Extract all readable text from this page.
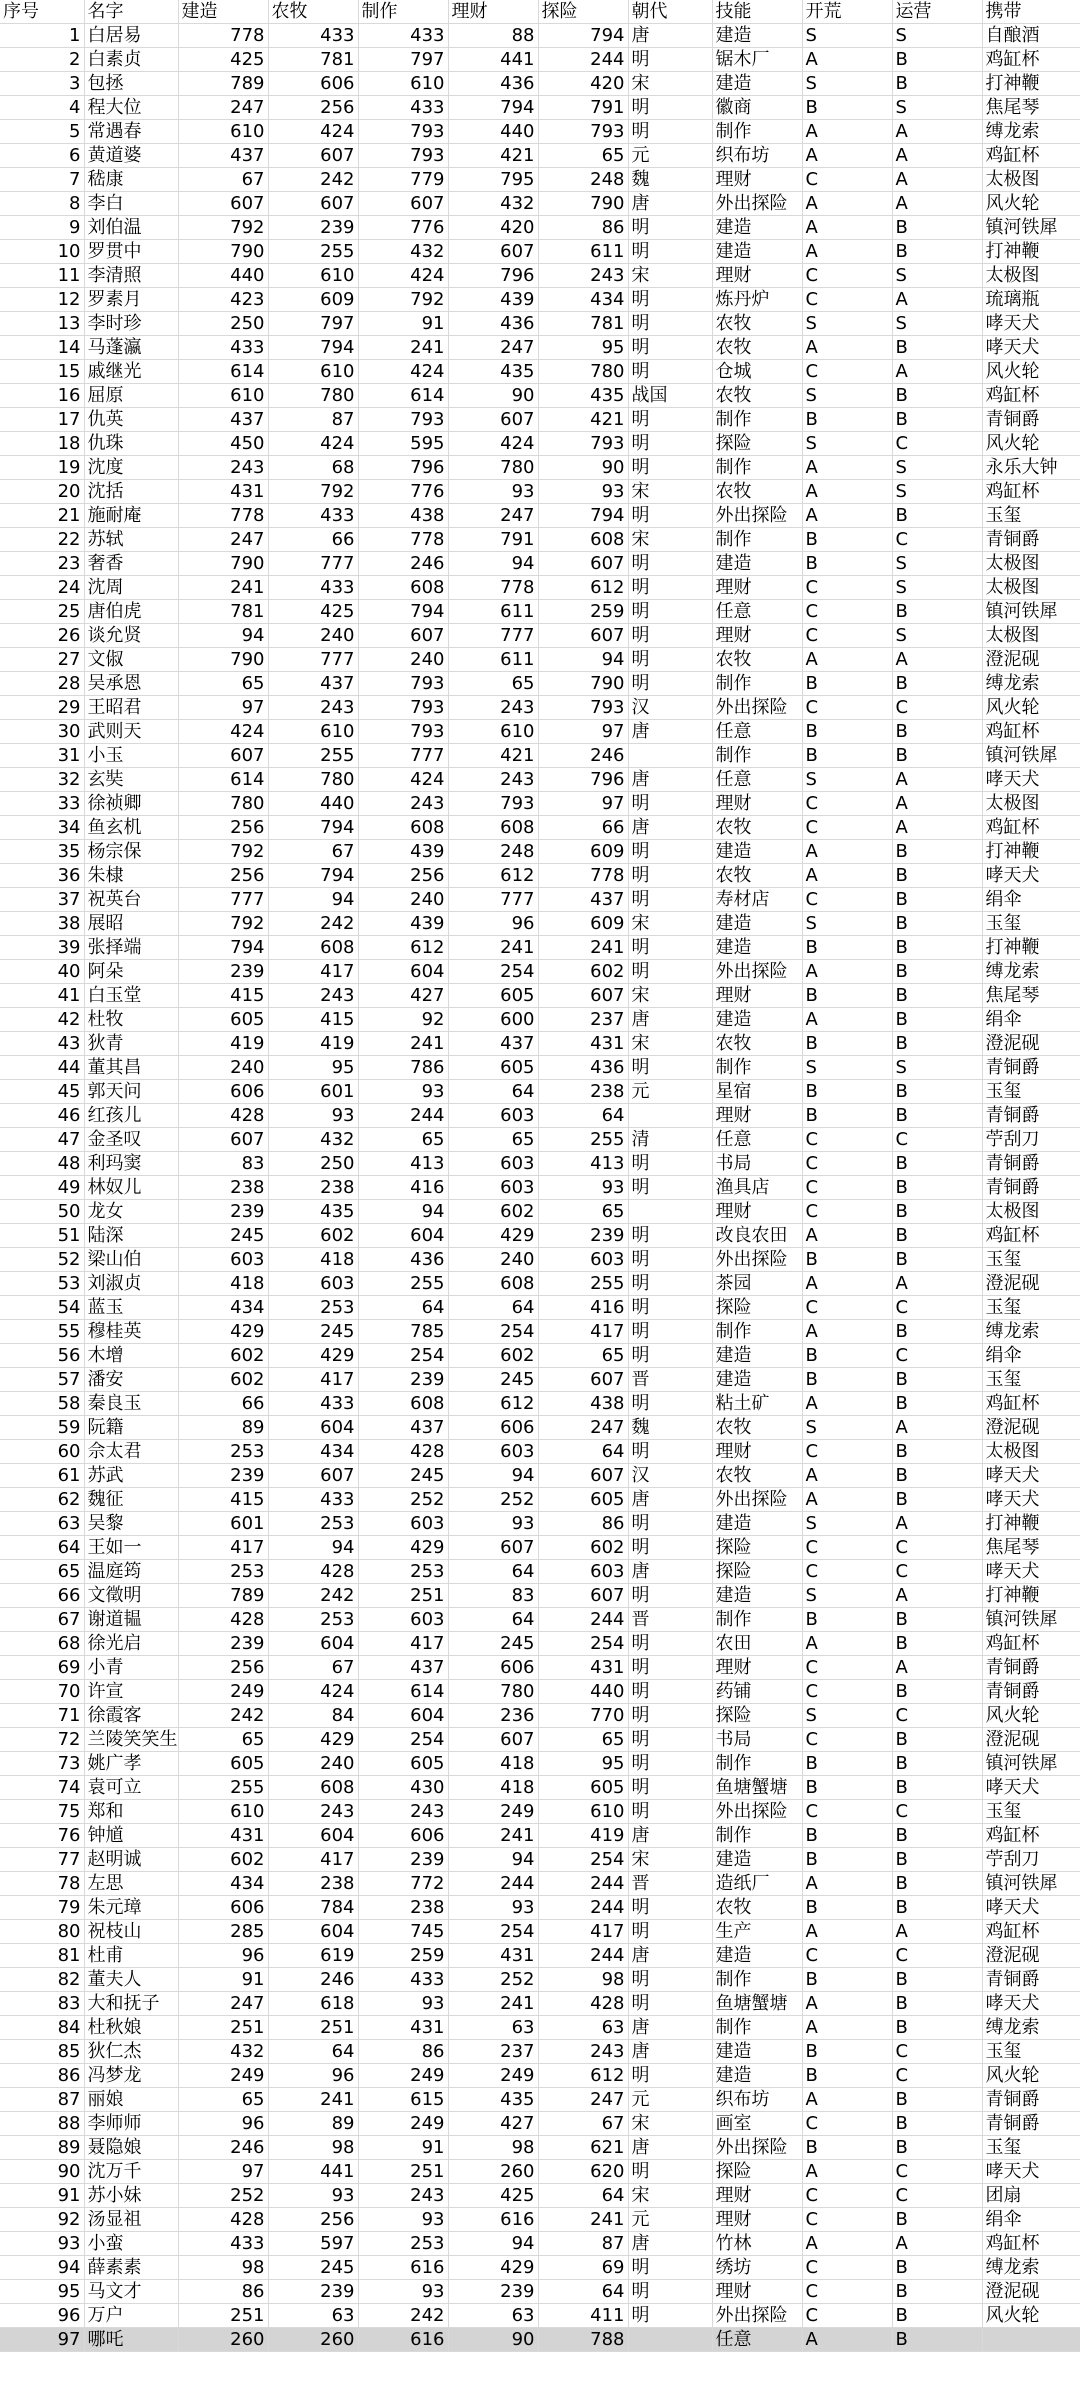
序号	名字	建造	农牧	制作	理财	探险	朝代	技能	开荒	运营	携带
1	白居易	778	433	433	88	794	唐	建造	S	S	自酿酒
2	白素贞	425	781	797	441	244	明	锯木厂	A	B	鸡缸杯
3	包拯	789	606	610	436	420	宋	建造	S	B	打神鞭
4	程大位	247	256	433	794	791	明	徽商	B	S	焦尾琴
5	常遇春	610	424	793	440	793	明	制作	A	A	缚龙索
6	黄道婆	437	607	793	421	65	元	织布坊	A	A	鸡缸杯
7	嵇康	67	242	779	795	248	魏	理财	C	A	太极图
8	李白	607	607	607	432	790	唐	外出探险	A	A	风火轮
9	刘伯温	792	239	776	420	86	明	建造	A	B	镇河铁犀
10	罗贯中	790	255	432	607	611	明	建造	A	B	打神鞭
11	李清照	440	610	424	796	243	宋	理财	C	S	太极图
12	罗素月	423	609	792	439	434	明	炼丹炉	C	A	琉璃瓶
13	李时珍	250	797	91	436	781	明	农牧	S	S	哮天犬
14	马蓬瀛	433	794	241	247	95	明	农牧	A	B	哮天犬
15	戚继光	614	610	424	435	780	明	仓城	C	A	风火轮
16	屈原	610	780	614	90	435	战国	农牧	S	B	鸡缸杯
17	仇英	437	87	793	607	421	明	制作	B	B	青铜爵
18	仇珠	450	424	595	424	793	明	探险	S	C	风火轮
19	沈度	243	68	796	780	90	明	制作	A	S	永乐大钟
20	沈括	431	792	776	93	93	宋	农牧	A	S	鸡缸杯
21	施耐庵	778	433	438	247	794	明	外出探险	A	B	玉玺
22	苏轼	247	66	778	791	608	宋	制作	B	C	青铜爵
23	奢香	790	777	246	94	607	明	建造	B	S	太极图
24	沈周	241	433	608	778	612	明	理财	C	S	太极图
25	唐伯虎	781	425	794	611	259	明	任意	C	B	镇河铁犀
26	谈允贤	94	240	607	777	607	明	理财	C	S	太极图
27	文俶	790	777	240	611	94	明	农牧	A	A	澄泥砚
28	吴承恩	65	437	793	65	790	明	制作	B	B	缚龙索
29	王昭君	97	243	793	243	793	汉	外出探险	C	C	风火轮
30	武则天	424	610	793	610	97	唐	任意	B	B	鸡缸杯
31	小玉	607	255	777	421	246		制作	B	B	镇河铁犀
32	玄奘	614	780	424	243	796	唐	任意	S	A	哮天犬
33	徐祯卿	780	440	243	793	97	明	理财	C	A	太极图
34	鱼玄机	256	794	608	608	66	唐	农牧	C	A	鸡缸杯
35	杨宗保	792	67	439	248	609	明	建造	A	B	打神鞭
36	朱棣	256	794	256	612	778	明	农牧	A	B	哮天犬
37	祝英台	777	94	240	777	437	明	寿材店	C	B	绢伞
38	展昭	792	242	439	96	609	宋	建造	S	B	玉玺
39	张择端	794	608	612	241	241	明	建造	B	B	打神鞭
40	阿朵	239	417	604	254	602	明	外出探险	A	B	缚龙索
41	白玉堂	415	243	427	605	607	宋	理财	B	B	焦尾琴
42	杜牧	605	415	92	600	237	唐	建造	A	B	绢伞
43	狄青	419	419	241	437	431	宋	农牧	B	B	澄泥砚
44	董其昌	240	95	786	605	436	明	制作	S	S	青铜爵
45	郭天问	606	601	93	64	238	元	星宿	B	B	玉玺
46	红孩儿	428	93	244	603	64		理财	B	B	青铜爵
47	金圣叹	607	432	65	65	255	清	任意	C	C	苧刮刀
48	利玛窦	83	250	413	603	413	明	书局	C	B	青铜爵
49	林奴儿	238	238	416	603	93	明	渔具店	C	B	青铜爵
50	龙女	239	435	94	602	65		理财	C	B	太极图
51	陆深	245	602	604	429	239	明	改良农田	A	B	鸡缸杯
52	梁山伯	603	418	436	240	603	明	外出探险	B	B	玉玺
53	刘淑贞	418	603	255	608	255	明	茶园	A	A	澄泥砚
54	蓝玉	434	253	64	64	416	明	探险	C	C	玉玺
55	穆桂英	429	245	785	254	417	明	制作	A	B	缚龙索
56	木增	602	429	254	602	65	明	建造	B	C	绢伞
57	潘安	602	417	239	245	607	晋	建造	B	B	玉玺
58	秦良玉	66	433	608	612	438	明	粘土矿	A	B	鸡缸杯
59	阮籍	89	604	437	606	247	魏	农牧	S	A	澄泥砚
60	佘太君	253	434	428	603	64	明	理财	C	B	太极图
61	苏武	239	607	245	94	607	汉	农牧	A	B	哮天犬
62	魏征	415	433	252	252	605	唐	外出探险	A	B	哮天犬
63	吴黎	601	253	603	93	86	明	建造	S	A	打神鞭
64	王如一	417	94	429	607	602	明	探险	C	C	焦尾琴
65	温庭筠	253	428	253	64	603	唐	探险	C	C	哮天犬
66	文徵明	789	242	251	83	607	明	建造	S	A	打神鞭
67	谢道韫	428	253	603	64	244	晋	制作	B	B	镇河铁犀
68	徐光启	239	604	417	245	254	明	农田	A	B	鸡缸杯
69	小青	256	67	437	606	431	明	理财	C	A	青铜爵
70	许宣	249	424	614	780	440	明	药铺	C	B	青铜爵
71	徐霞客	242	84	604	236	770	明	探险	S	C	风火轮
72	兰陵笑笑生	65	429	254	607	65	明	书局	C	B	澄泥砚
73	姚广孝	605	240	605	418	95	明	制作	B	B	镇河铁犀
74	袁可立	255	608	430	418	605	明	鱼塘蟹塘	B	B	哮天犬
75	郑和	610	243	243	249	610	明	外出探险	C	C	玉玺
76	钟馗	431	604	606	241	419	唐	制作	B	B	鸡缸杯
77	赵明诚	602	417	239	94	254	宋	建造	B	B	苧刮刀
78	左思	434	238	772	244	244	晋	造纸厂	A	B	镇河铁犀
79	朱元璋	606	784	238	93	244	明	农牧	B	B	哮天犬
80	祝枝山	285	604	745	254	417	明	生产	A	A	鸡缸杯
81	杜甫	96	619	259	431	244	唐	建造	C	C	澄泥砚
82	董夫人	91	246	433	252	98	明	制作	B	B	青铜爵
83	大和抚子	247	618	93	241	428	明	鱼塘蟹塘	A	B	哮天犬
84	杜秋娘	251	251	431	63	63	唐	制作	A	B	缚龙索
85	狄仁杰	432	64	86	237	243	唐	建造	B	C	玉玺
86	冯梦龙	249	96	249	249	612	明	建造	B	C	风火轮
87	丽娘	65	241	615	435	247	元	织布坊	A	B	青铜爵
88	李师师	96	89	249	427	67	宋	画室	C	B	青铜爵
89	聂隐娘	246	98	91	98	621	唐	外出探险	B	B	玉玺
90	沈万千	97	441	251	260	620	明	探险	A	C	哮天犬
91	苏小妹	252	93	243	425	64	宋	理财	C	C	团扇
92	汤显祖	428	256	93	616	241	元	理财	C	B	绢伞
93	小蛮	433	597	253	94	87	唐	竹林	A	A	鸡缸杯
94	薛素素	98	245	616	429	69	明	绣坊	C	B	缚龙索
95	马文才	86	239	93	239	64	明	理财	C	B	澄泥砚
96	万户	251	63	242	63	411	明	外出探险	C	B	风火轮
97	哪吒	260	260	616	90	788		任意	A	B	
